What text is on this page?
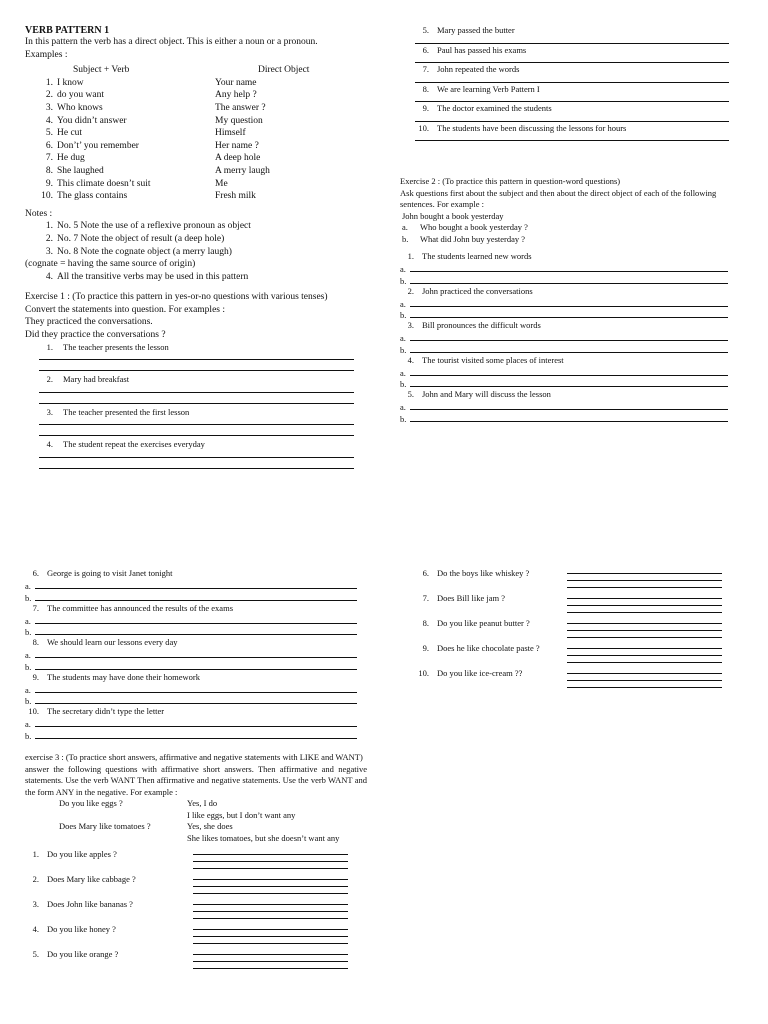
VERB PATTERN 1
In this pattern the verb has a direct object. This is either a noun or a pronoun.
Examples :
Subject + Verb	Direct Object
1. I know	Your name
2. do you want	Any help ?
3. Who knows	The answer ?
4. You didn’t answer	My question
5. He cut	Himself
6. Don’t’ you remember	Her name ?
7. He dug	A deep hole
8. She laughed	A merry laugh
9. This climate doesn’t suit	Me
10. The glass contains	Fresh milk
Notes :
1. No. 5 Note the use of a reflexive pronoun as object
2. No. 7 Note the object of result (a deep hole)
3. No. 8 Note the cognate object (a merry laugh)
(cognate = having the same source of origin)
4. All the transitive verbs may be used in this pattern
Exercise 1 : (To practice this pattern in yes-or-no questions with various tenses)
Convert the statements into question. For examples :
They practiced the conversations.
Did they practice the conversations ?
1. The teacher presents the lesson
2. Mary had breakfast
3. The teacher presented the first lesson
4. The student repeat the exercises everyday
5. Mary passed the butter
6. Paul has passed his exams
7. John repeated the words
8. We are learning Verb Pattern I
9. The doctor examined the students
10. The students have been discussing the lessons for hours
Exercise 2 : (To practice this pattern in question-word questions)
Ask questions first about the subject and then about the direct object of each of the following sentences. For example :
John bought a book yesterday
a. Who bought a book yesterday ?
b. What did John buy yesterday ?
1. The students learned new words
a.
b.
2. John practiced the conversations
a.
b.
3. Bill pronounces the difficult words
a.
b.
4. The tourist visited some places of interest
a.
b.
5. John and Mary will discuss the lesson
a.
b.
6. George is going to visit Janet tonight
a.
b.
7. The committee has announced the results of the exams
a.
b.
8. We should learn our lessons every day
a.
b.
9. The students may have done their homework
a.
b.
10. The secretary didn’t type the letter
a.
b.
exercise 3 : (To practice short answers, affirmative and negative statements with LIKE and WANT)
answer the following questions with affirmative short answers. Then affirmative and negative statements. Use the verb WANT Then affirmative and negative statements. Use the verb WANT and the form ANY in the negative. For example :
Do you like eggs ?	Yes, I do
I like eggs, but I don’t want any
Does Mary like tomatoes ?	Yes, she does
She likes tomatoes, but she doesn’t want any
1. Do you like apples ?
2. Does Mary like cabbage ?
3. Does John like bananas ?
4. Do you like honey ?
5. Do you like orange ?
6. Do the boys like whiskey ?
7. Does Bill like jam ?
8. Do you like peanut butter ?
9. Does he like chocolate paste ?
10. Do you like ice-cream ??
